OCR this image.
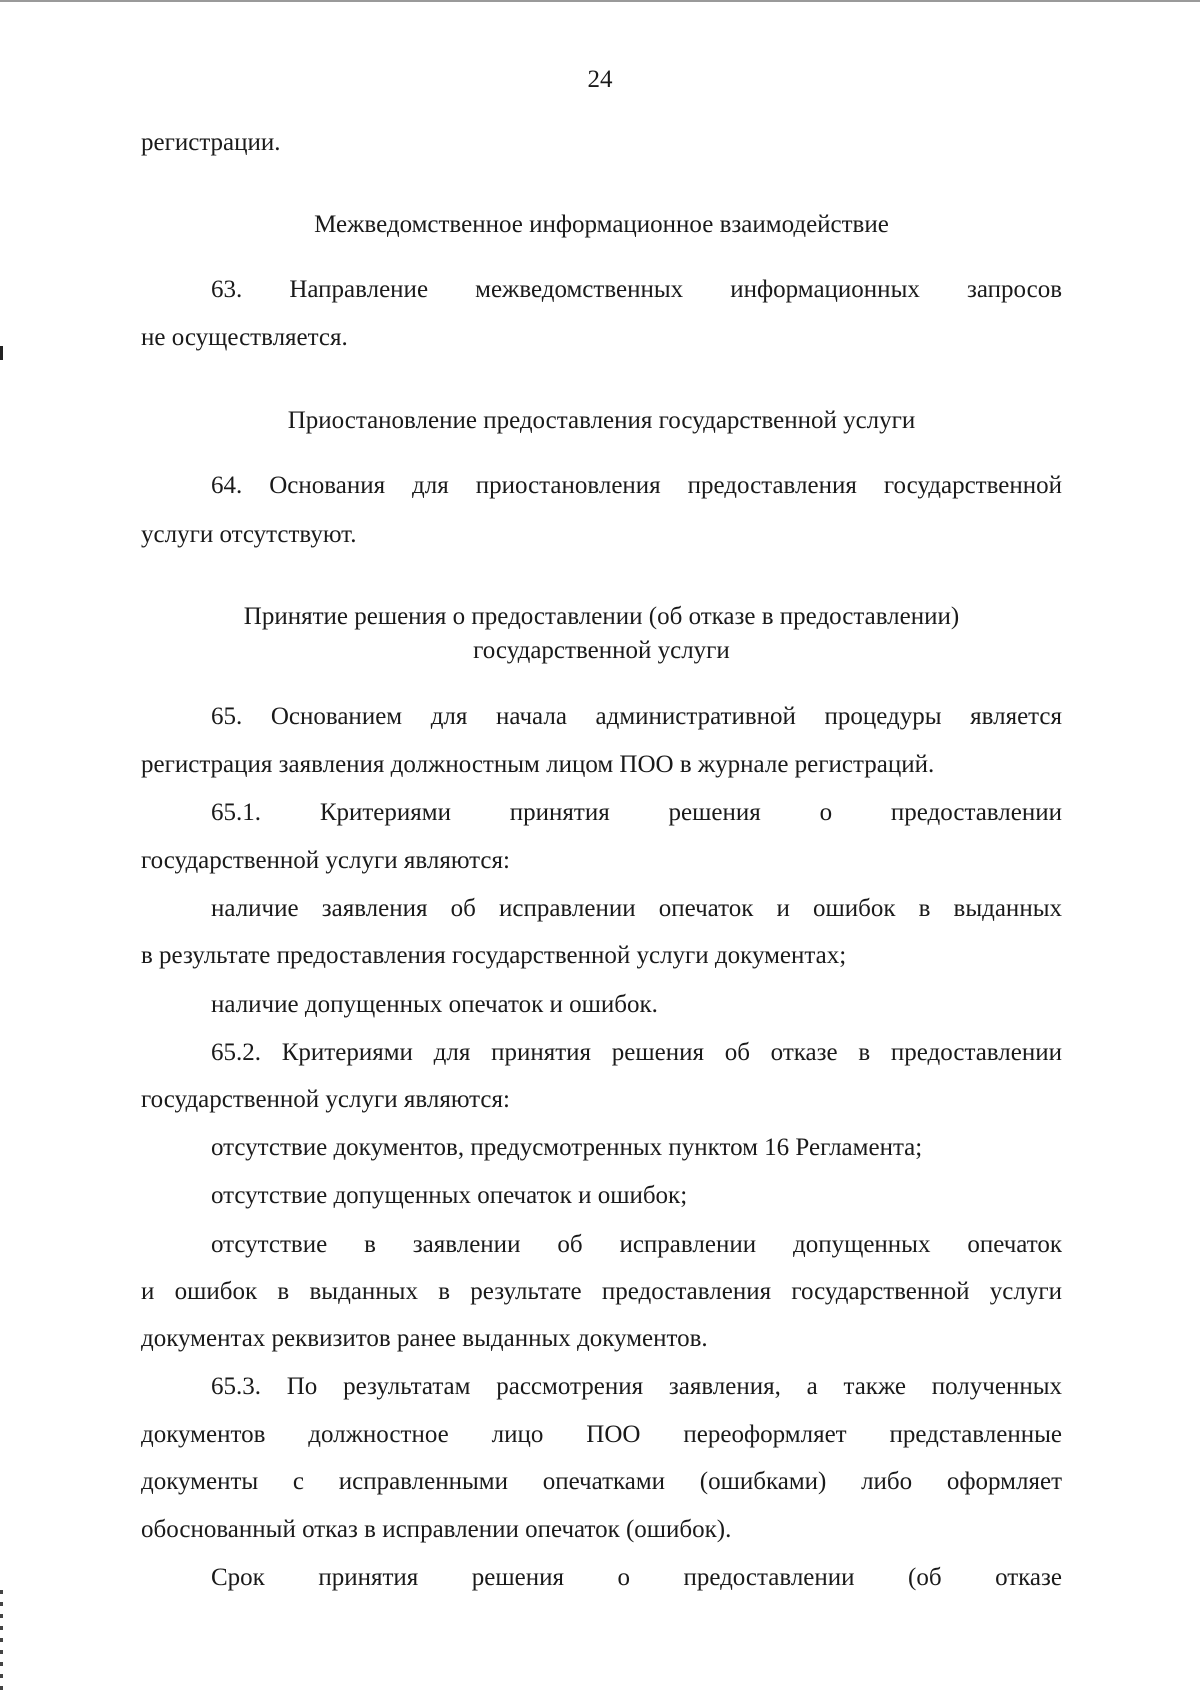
24
регистрации.
Межведомственное информационное взаимодействие
63. Направление межведомственных информационных запросов
не осуществляется.
Приостановление предоставления государственной услуги
64. Основания для приостановления предоставления государственной
услуги отсутствуют.
Принятие решения о предоставлении (об отказе в предоставлении)
государственной услуги
65. Основанием для начала административной процедуры является
регистрация заявления должностным лицом ПОО в журнале регистраций.
65.1. Критериями принятия решения о предоставлении
государственной услуги являются:
наличие заявления об исправлении опечаток и ошибок в выданных
в результате предоставления государственной услуги документах;
наличие допущенных опечаток и ошибок.
65.2. Критериями для принятия решения об отказе в предоставлении
государственной услуги являются:
отсутствие документов, предусмотренных пунктом 16 Регламента;
отсутствие допущенных опечаток и ошибок;
отсутствие в заявлении об исправлении допущенных опечаток
и ошибок в выданных в результате предоставления государственной услуги
документах реквизитов ранее выданных документов.
65.3. По результатам рассмотрения заявления, а также полученных
документов должностное лицо ПОО переоформляет представленные
документы с исправленными опечатками (ошибками) либо оформляет
обоснованный отказ в исправлении опечаток (ошибок).
Срок принятия решения о предоставлении (об отказе
